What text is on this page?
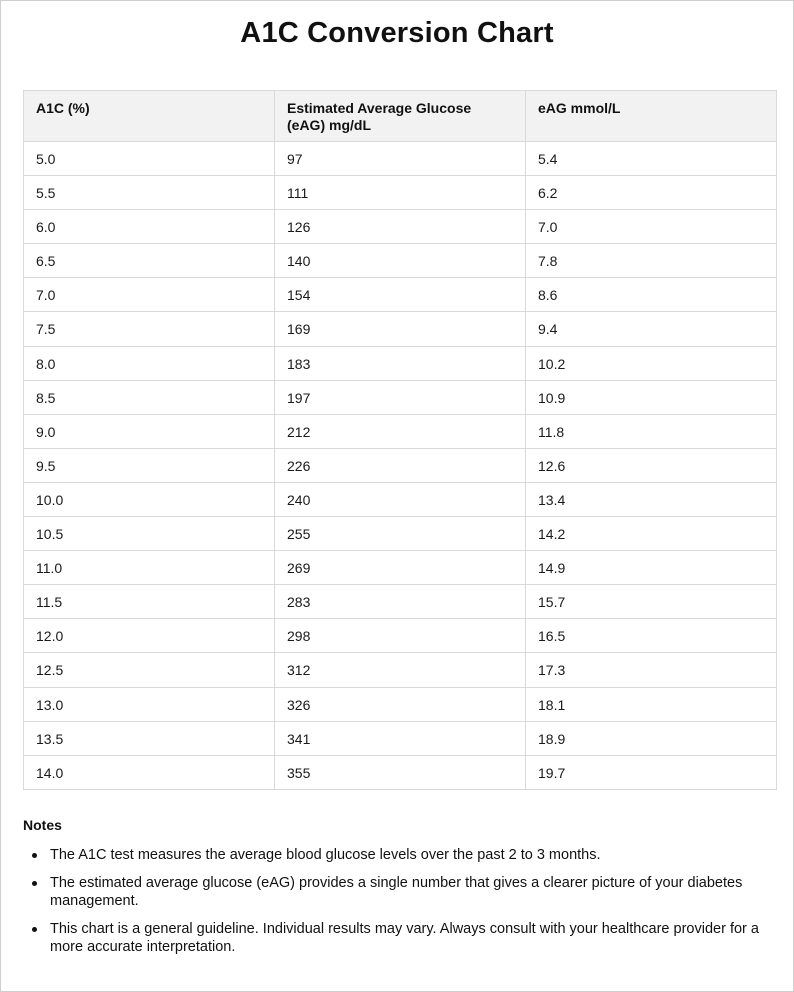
A1C Conversion Chart
A1C (%)	Estimated Average Glucose (eAG) mg/dL	eAG mmol/L
5.0	97	5.4
5.5	111	6.2
6.0	126	7.0
6.5	140	7.8
7.0	154	8.6
7.5	169	9.4
8.0	183	10.2
8.5	197	10.9
9.0	212	11.8
9.5	226	12.6
10.0	240	13.4
10.5	255	14.2
11.0	269	14.9
11.5	283	15.7
12.0	298	16.5
12.5	312	17.3
13.0	326	18.1
13.5	341	18.9
14.0	355	19.7
Notes
The A1C test measures the average blood glucose levels over the past 2 to 3 months.
The estimated average glucose (eAG) provides a single number that gives a clearer picture of your diabetes management.
This chart is a general guideline. Individual results may vary. Always consult with your healthcare provider for a more accurate interpretation.
